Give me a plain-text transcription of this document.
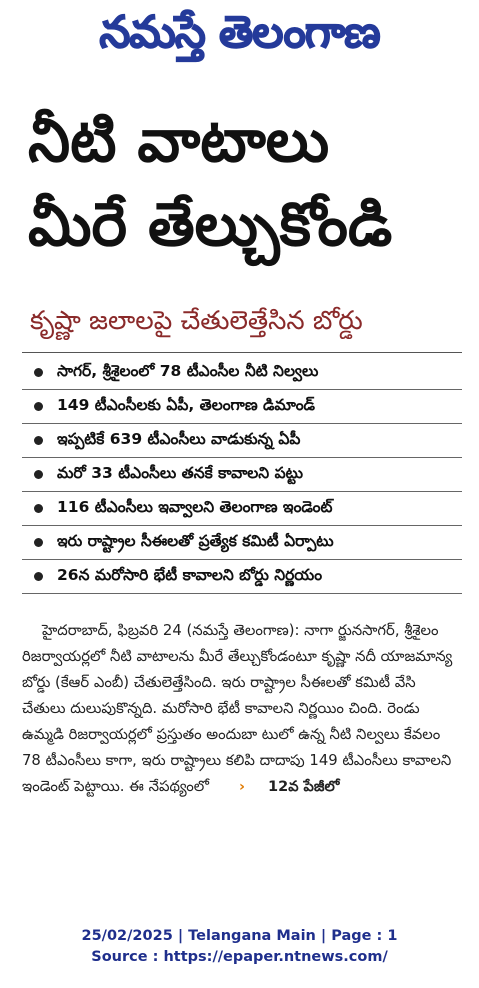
నమస్తే తెలంగాణ
నీటి వాటాలు
మీరే తేల్చుకోండి
కృష్ణా జలాలపై చేతులెత్తేసిన బోర్డు
సాగర్, శ్రీశైలంలో 78 టీఎంసీల నీటి నిల్వలు
149 టీఎంసీలకు ఏపీ, తెలంగాణ డిమాండ్
ఇప్పటికే 639 టీఎంసీలు వాడుకున్న ఏపీ
మరో 33 టీఎంసీలు తనకే కావాలని పట్టు
116 టీఎంసీలు ఇవ్వాలని తెలంగాణ ఇండెంట్
ఇరు రాష్ట్రాల సీఈలతో ప్రత్యేక కమిటీ ఏర్పాటు
26న మరోసారి భేటీ కావాలని బోర్డు నిర్ణయం

హైదరాబాద్, ఫిబ్రవరి 24 (నమస్తే తెలంగాణ): నాగా ర్జునసాగర్, శ్రీశైలం రిజర్వాయర్లలో నీటి వాటాలను మీరే తేల్చుకోండంటూ కృష్ణా నదీ యాజమాన్య బోర్డు (కేఆర్ ఎంబీ) చేతులెత్తేసింది. ఇరు రాష్ట్రాల సీఈలతో కమిటీ వేసి చేతులు దులుపుకొన్నది. మరోసారి భేటీ కావాలని నిర్ణయిం చింది. రెండు ఉమ్మడి రిజర్వాయర్లలో ప్రస్తుతం అందుబా టులో ఉన్న నీటి నిల్వలు కేవలం 78 టీఎంసీలు కాగా, ఇరు రాష్ట్రాలు కలిపి దాదాపు 149 టీఎంసీలు కావాలని ఇండెంట్ పెట్టాయి. ఈ నేపథ్యంలో	›	12వ పేజీలో

25/02/2025 | Telangana Main | Page : 1
Source : https://epaper.ntnews.com/
